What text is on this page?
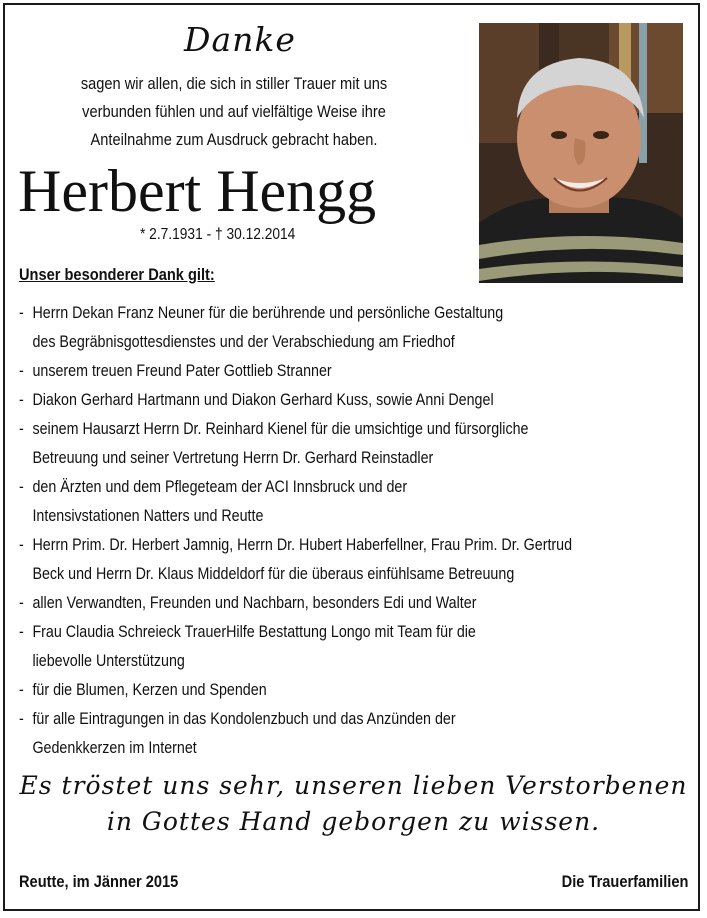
Danke
sagen wir allen, die sich in stiller Trauer mit uns
verbunden fühlen und auf vielfältige Weise ihre
Anteilnahme zum Ausdruck gebracht haben.
Herbert Hengg
* 2.7.1931 - † 30.12.2014
Unser besonderer Dank gilt:
- Herrn Dekan Franz Neuner für die berührende und persönliche Gestaltung
des Begräbnisgottesdienstes und der Verabschiedung am Friedhof
- unserem treuen Freund Pater Gottlieb Stranner
- Diakon Gerhard Hartmann und Diakon Gerhard Kuss, sowie Anni Dengel
- seinem Hausarzt Herrn Dr. Reinhard Kienel für die umsichtige und fürsorgliche
Betreuung und seiner Vertretung Herrn Dr. Gerhard Reinstadler
- den Ärzten und dem Pflegeteam der ACI Innsbruck und der
Intensivstationen Natters und Reutte
- Herrn Prim. Dr. Herbert Jamnig, Herrn Dr. Hubert Haberfellner, Frau Prim. Dr. Gertrud
Beck und Herrn Dr. Klaus Middeldorf für die überaus einfühlsame Betreuung
- allen Verwandten, Freunden und Nachbarn, besonders Edi und Walter
- Frau Claudia Schreieck TrauerHilfe Bestattung Longo mit Team für die
liebevolle Unterstützung
- für die Blumen, Kerzen und Spenden
- für alle Eintragungen in das Kondolenzbuch und das Anzünden der
Gedenkkerzen im Internet
Es tröstet uns sehr, unseren lieben Verstorbenen
in Gottes Hand geborgen zu wissen.
Reutte, im Jänner 2015	Die Trauerfamilien
